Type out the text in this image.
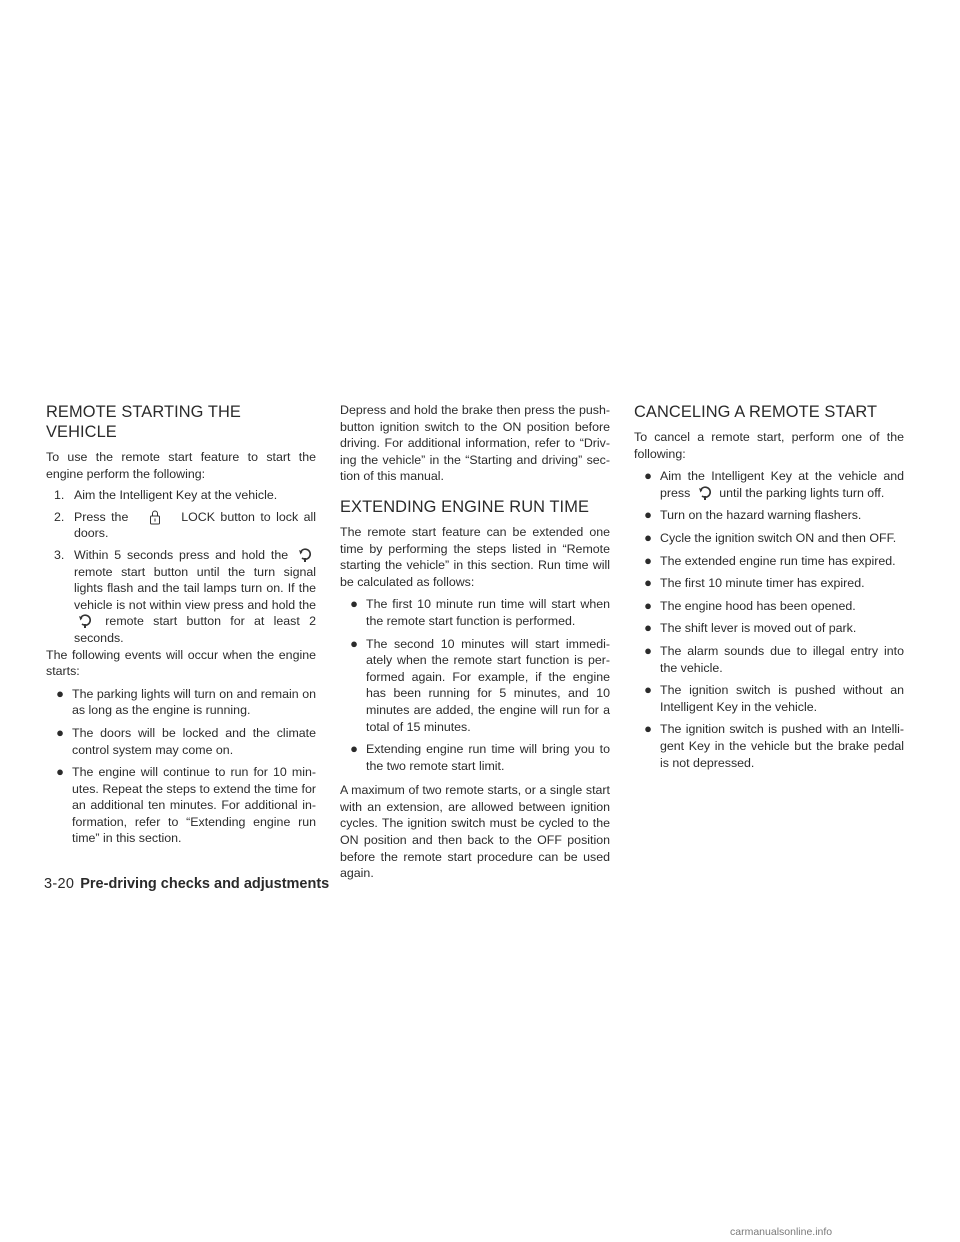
REMOTE STARTING THE VEHICLE

To use the remote start feature to start the engine perform the following:

1. Aim the Intelligent Key at the vehicle.
2. Press the	LOCK button to lock all doors.
3. Within 5 seconds press and hold the
remote start button until the turn signal lights flash and the tail lamps turn on. If the vehicle is not within view press and hold the
remote start button for at least 2 seconds.

The following events will occur when the engine starts:

● The parking lights will turn on and remain on as long as the engine is running.
● The doors will be locked and the climate control system may come on.
● The engine will continue to run for 10 min- utes. Repeat the steps to extend the time for an additional ten minutes. For additional in- formation, refer to “Extending engine run time” in this section.

Depress and hold the brake then press the push- button ignition switch to the ON position before driving. For additional information, refer to “Driv- ing the vehicle” in the “Starting and driving” sec- tion of this manual.

EXTENDING ENGINE RUN TIME

The remote start feature can be extended one time by performing the steps listed in “Remote starting the vehicle” in this section. Run time will be calculated as follows:

● The first 10 minute run time will start when the remote start function is performed.
● The second 10 minutes will start immedi- ately when the remote start function is per- formed again. For example, if the engine has been running for 5 minutes, and 10 minutes are added, the engine will run for a total of 15 minutes.
● Extending engine run time will bring you to the two remote start limit.

A maximum of two remote starts, or a single start with an extension, are allowed between ignition cycles. The ignition switch must be cycled to the ON position and then back to the OFF position before the remote start procedure can be used again.

CANCELING A REMOTE START

To cancel a remote start, perform one of the following:

● Aim the Intelligent Key at the vehicle and press until the parking lights turn off.
● Turn on the hazard warning flashers.
● Cycle the ignition switch ON and then OFF.
● The extended engine run time has expired.
● The first 10 minute timer has expired.
● The engine hood has been opened.
● The shift lever is moved out of park.
● The alarm sounds due to illegal entry into the vehicle.
● The ignition switch is pushed without an Intelligent Key in the vehicle.
● The ignition switch is pushed with an Intelli- gent Key in the vehicle but the brake pedal is not depressed.
3-20 Pre-driving checks and adjustments
carmanualsonline.info
